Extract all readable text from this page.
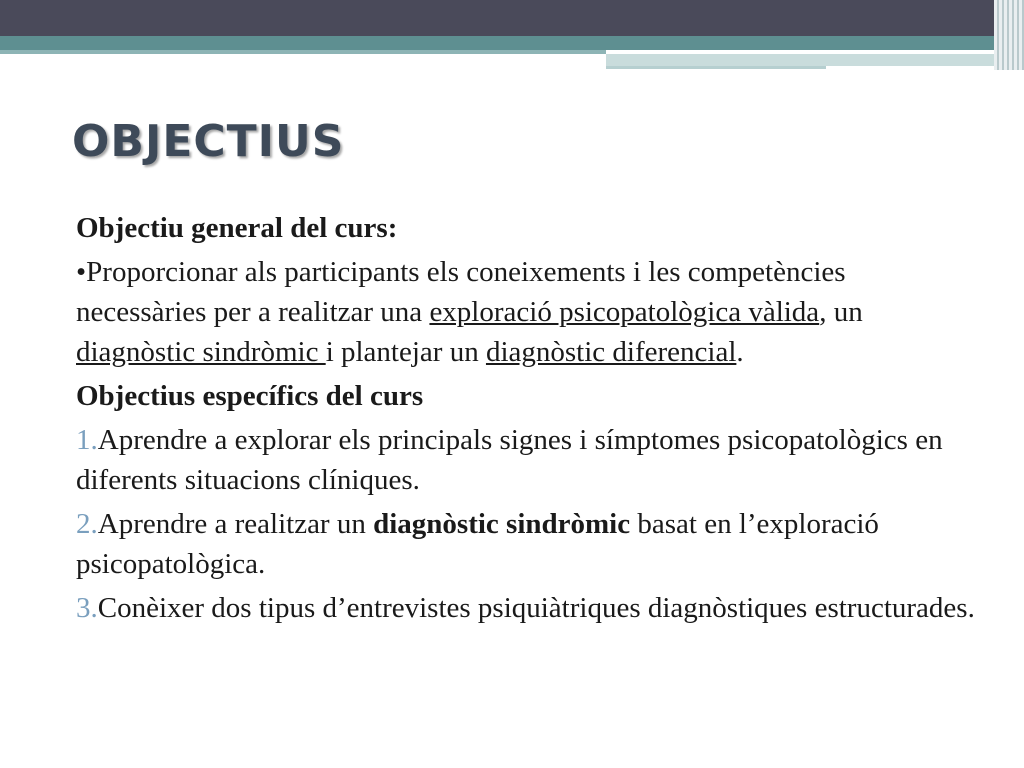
OBJECTIUS

Objectiu general del curs:

•Proporcionar als participants els coneixements i les competències necessàries per a realitzar una exploració psicopatològica vàlida, un diagnòstic sindròmic i plantejar un diagnòstic diferencial.

Objectius específics del curs

1.Aprendre a explorar els principals signes i símptomes psicopatològics en diferents situacions clíniques.

2.Aprendre a realitzar un diagnòstic sindròmic basat en l’exploració psicopatològica.

3.Conèixer dos tipus d’entrevistes psiquiàtriques diagnòstiques estructurades.
